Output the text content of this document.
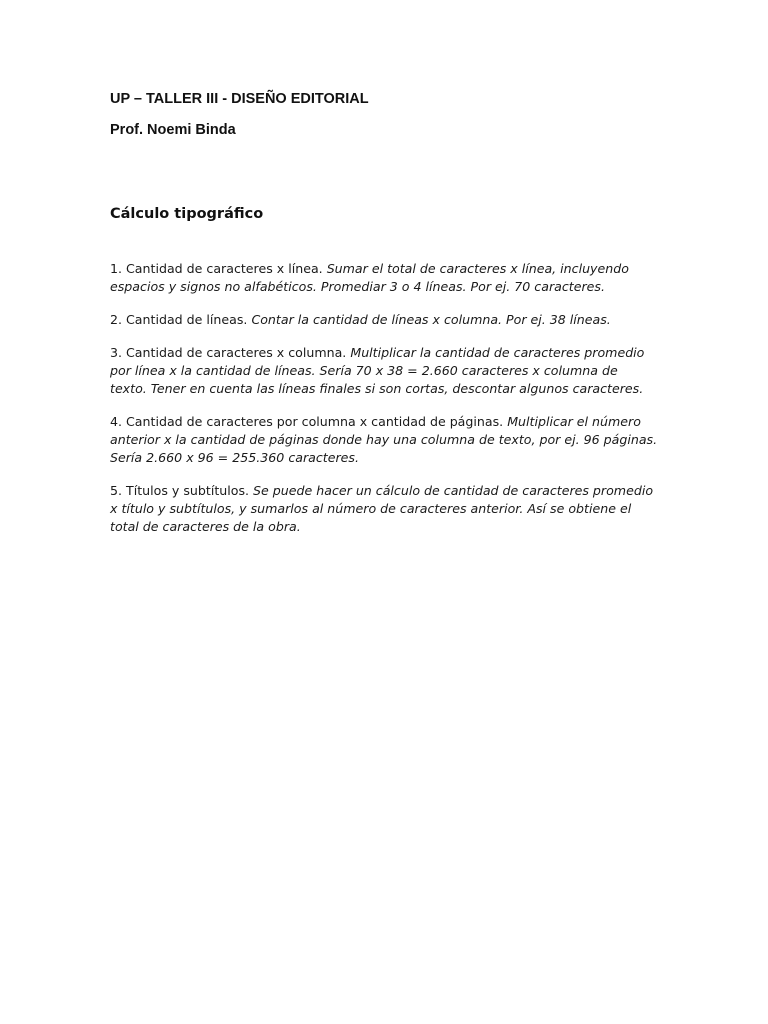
UP – TALLER III - DISEÑO EDITORIAL
Prof. Noemi Binda
Cálculo tipográfico

1. Cantidad de caracteres x línea. Sumar el total de caracteres x línea, incluyendo espacios y signos no alfabéticos. Promediar 3 o 4 líneas. Por ej. 70 caracteres.

2. Cantidad de líneas. Contar la cantidad de líneas x columna. Por ej. 38 líneas.

3. Cantidad de caracteres x columna. Multiplicar la cantidad de caracteres promedio por línea x la cantidad de líneas. Sería 70 x 38 = 2.660 caracteres x columna de texto. Tener en cuenta las líneas finales si son cortas, descontar algunos caracteres.

4. Cantidad de caracteres por columna x cantidad de páginas. Multiplicar el número anterior x la cantidad de páginas donde hay una columna de texto, por ej. 96 páginas. Sería 2.660 x 96 = 255.360 caracteres.

5. Títulos y subtítulos. Se puede hacer un cálculo de cantidad de caracteres promedio x título y subtítulos, y sumarlos al número de caracteres anterior. Así se obtiene el total de caracteres de la obra.
